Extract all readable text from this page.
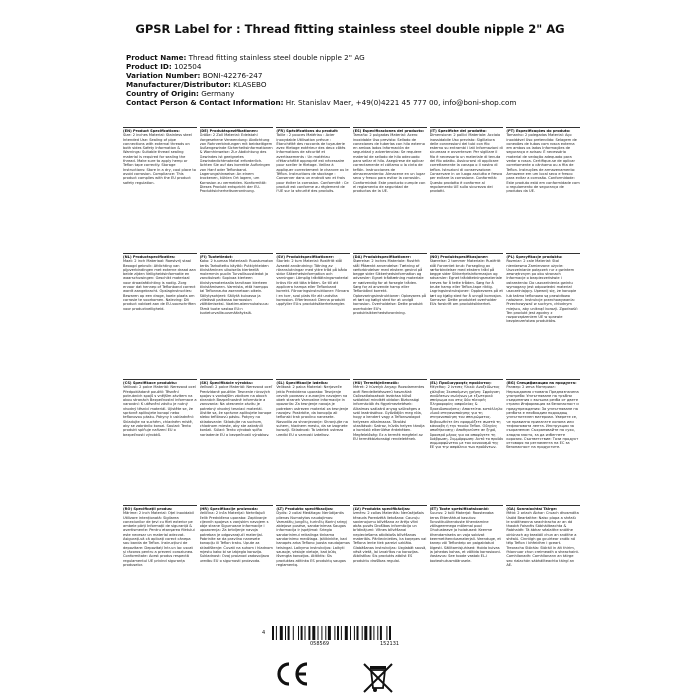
GPSR Label for : Thread fitting stainless steel double nipple 2" AG
Product Name: Thread fitting stainless steel double nipple 2" AG
Product ID: 102504
Variation Number: BONI-42276-247
Manufacturer/Distributor: KLASEBO
Country of Origin: Germany
Contact Person & Contact Information: Hr. Stanislav Maer, +49(0)4221 45 777 00, info@boni-shop.com
(EN) Product Specifications:
Size: 2 inches Material: Stainless steel Intended Use: Sealing of pipe connections with external threads on both sides Safety Information & Warnings: Suitable thread sealing material is required for sealing the thread. Make sure to apply hemp or Teflon tape correctly. Storage Instructions: Store in a dry, cool place to avoid corrosion. Compliance: This product complies with the EU product safety regulation.
(DE) Produktspezifikationen:
Größe: 2 Zoll Material: Edelstahl Vorgesehene Verwendung: Abdichtung von Rohrverbindungen mit beidseitigem Außengewinde Sicherheitsinformationen & Warnhinweise: Zur Abdichtung des Gewindes ist geeignetes Gewindedichtmaterial erforderlich. Achten Sie auf das korrekte Aufbringen von Hanf oder Teflonband. Lagerungshinweise: An einem trockenen, kühlen Ort lagern, um Korrosion zu vermeiden. Konformität: Dieses Produkt entspricht der EU-Produktsicherheitsverordnung.
(FR) Spécifications du produit:
Taille : 2 pouces Matériau : Acier inoxydable Utilisation prévue : Étanchéité des raccords de tuyauterie avec filetage extérieur des deux côtés Informations de sécurité et avertissements : Un matériau d'étanchéité approprié est nécessaire pour sceller le filetage. Veillez à appliquer correctement le chanvre ou le Téflon. Instructions de stockage : Conserver dans un endroit sec et frais pour éviter la corrosion. Conformité : Ce produit est conforme au règlement de l'UE sur la sécurité des produits.
(ES) Especificaciones del producto:
Tamaño: 2 pulgadas Material: Acero inoxidable Uso previsto: Sellado de conexiones de tuberías con hilo externo en ambos lados Información de seguridad y advertencias: Se requiere material de sellado de hilo adecuado para sellar el hilo. Asegúrese de aplicar correctamente el cáñamo o la cinta de teflón. Instrucciones de almacenamiento: Almacene en un lugar seco y fresco para evitar la corrosión. Conformidad: Este producto cumple con el reglamento de seguridad de productos de la UE.
(IT) Specifiche del prodotto:
Dimensione: 2 pollici Materiale: Acciaio inossidabile Uso previsto: Sigillatura delle connessioni dei tubi con filo esterno su entrambi i lati Informazioni di sicurezza e avvertenze: Per sigillare il filo è necessario un materiale di tenuta del filo adatto. Assicurarsi di applicare correttamente la canapa o il nastro di teflon. Istruzioni di conservazione: Conservare in un luogo asciutto e fresco per evitare la corrosione. Conformità: Questo prodotto è conforme al regolamento UE sulla sicurezza dei prodotti.
(PT) Especificações do produto:
Tamanho: 2 polegadas Material: Aço inoxidável Uso pretendido: Selagem de conexões de tubos com rosca externa em ambos os lados Informações de segurança e avisos: É necessário material de vedação adequado para vedar a rosca. Certifique-se de aplicar corretamente o cânhamo ou a fita de Teflon. Instruções de armazenamento: Armazene em um local seco e fresco para evitar a corrosão. Conformidade: Este produto está em conformidade com o regulamento de segurança de produtos da UE.
(NL) Productspecificaties:
Maat: 2 inch Materiaal: Roestvrij staal Beoogd gebruik: Afdichting van pijpverbindingen met externe draad aan beide zijden Veiligheidsinformatie en waarschuwingen: Geschikt materiaal voor draadafdichting is nodig. Zorg ervoor dat hennep of Teflonband correct wordt aangebracht. Opslaginstructies: Bewaren op een droge, koele plaats om corrosie te voorkomen. Naleving: Dit product voldoet aan de EU-voorschriften voor productveiligheid.
(FI) Tuotetiedot:
Koko: 2 tuumaa Materiaali: Ruostumaton teräs Tarkoitettu käyttö: Putkiyhteiden tiivistäminen ulkoisella kierteellä molemmin puolin Turvallisuustiedot ja varoitukset: Sopivaa kierteen tiivistysmateriaalia tarvitaan kierteen tiivistämiseen. Varmista, että hamppu tai Teflonnauha asennetaan oikein. Säilytysohjeet: Säilytä kuivassa ja viileässä paikassa korroosion välttämiseksi. Vaatimustenmukaisuus: Tämä tuote vastaa EU:n tuoteturvallisuusmääräyksiä.
(SV) Produktspecifikationer:
Storlek: 2 tum Material: Rostfritt stål Avsedd användning: Tätning av röranslutningar med yttre tråd på båda sidor Säkerhetsinformation och varningar: Lämplig trådtätningsmaterial krävs för att täta tråden. Se till att applicera hampa eller Teflonband korrekt. Förvaringsinstruktioner: Förvara i en torr, sval plats för att undvika korrosion. Efterlevnad: Denna produkt uppfyller EU:s produktsäkerhetsregler.
(DA) Produktspecifikationer:
Størrelse: 2 inches Materiale: Rustfrit stål Påtænkt anvendelse: Tætning af rørforbindelser med ekstern gevind på begge sider Sikkerhedsinformation og advarsler: Egnet trådtætning materiale er nødvendig for at forsegle tråden. Sørg for at anvende hamp eller Teflonbånd korrekt. Opbevaringsinstruktioner: Opbevares på et tørt og køligt sted for at undgå korrosion. Overholdelse: Dette produkt overholder EU's produktsikkerhedsforordning.
(NO) Produktspesifikasjoner:
Størrelse: 2 tommer Materiale: Rustfritt stål Forventet bruk: Forsegling av rørforbindelser med ekstern tråd på begge sider Sikkerhetsinformasjon og advarsler: Egnet tråddtetningsmateriale kreves for å tette tråden. Sørg for å bruke hamp eller Teflon-tape riktig. Lagringsinstruksjoner: Oppbevares på et tørt og kjølig sted for å unngå korrosjon. Samsvar: Dette produktet overholder EUs forskrift om produktsikkerhet.
(PL) Specyfikacje produktu:
Rozmiar: 2 cale Materiał: Stal nierdzewna Zamierzone użycie: Uszczelnianie połączeń rur z gwintem zewnętrznym po obu stronach Informacje o bezpieczeństwie i ostrzeżenia: Do uszczelnienia gwintu wymagany jest odpowiedni materiał uszczelniający. Upewnij się, że konopie lub taśma teflonowa są prawidłowo nałożone. Instrukcje przechowywania: Przechowywać w suchym, chłodnym miejscu, aby uniknąć korozji. Zgodność: Ten produkt jest zgodny z rozporządzeniem UE w sprawie bezpieczeństwa produktów.
(CS) Specifikace produktu:
Velikost: 2 palce Materiál: Nerezová ocel Předpokládané použití: Těsnění potrubních spojů s vnějším závitem na obou stranách Bezpečnostní informace a varování: K utěsnění závitu je nutný vhodný těsnicí materiál. Ujistěte se, že správně aplikujete konopí nebo teflonovou pásku. Pokyny k uskladnění: Skladujte na suchém, chladném místě, aby se zabránilo korozi. Soulad: Tento produkt splňuje nařízení EU o bezpečnosti výrobků.
(SK) Špecifikácie výrobku:
Veľkosť: 2 palce Materiál: Nerezová oceľ Predvídané použitie: Tesnenie rúrových spojov s vonkajším závitom na oboch stranách Bezpečnostné informácie a varovania: Na utesnenie závitu je potrebný vhodný tesniaci materiál. Uistite sa, že správne aplikujete konope alebo teflónovú pásku. Pokyny na skladovanie: Skladujte na suchom, chladnom mieste, aby ste zabránili korózii. Súlad: Tento výrobok spĺňa nariadenie EÚ o bezpečnosti výrobkov.
(SL) Specifikacije izdelka:
Velikost: 2 palca Material: Nerjaveče jeklo Predvidena uporaba: Tesnjenje cevnih povezav z zunanjim navojem na obeh straneh Varnostne informacije in opozorila: Za tesnjenje navoja je potreben ustrezen material za tesnjenje navojev. Poskrbite, da konopljo ali teflonski trak pravilno nanesete. Navodila za shranjevanje: Shranjujte na suhem, hladnem mestu, da se izognete koroziji. Skladnost: Ta izdelek ustreza uredbi EU o varnosti izdelkov.
(HU) Termékjellemzők:
Méret: 2 hüvelyk Anyag: Rozsdamentes acél Rendeltetésszerű használat: Csőcsatlakozások lezárása külső szálakkal mindkét oldalon Biztonsági információk és figyelmeztetések: Alkalmas szálzáró anyag szükséges a szál lezárásához. Győződjön meg róla, hogy a kendert vagy a Teflonszalagot helyesen alkalmazza. Tárolási utasítások: Száraz, hűvös helyen tárolja a korrózió elkerülése érdekében. Megfelelőség: Ez a termék megfelel az EU termékbiztonsági rendeletének.
(EL) Προδιαγραφές προϊόντος:
Μέγεθος: 2 ίντσες Υλικό: Ανοξείδωτος χάλυβας Σκοπούμενη χρήση: Σφράγιση συνδέσεων σωλήνων με εξωτερικό σπείρωμα και στις δύο πλευρές Πληροφορίες ασφαλείας & Προειδοποιήσεις: Απαιτείται κατάλληλο υλικό στεγανοποίησης για τη στεγανοποίηση του σπειρώματος. Βεβαιωθείτε ότι εφαρμόζετε σωστά τη κάνναβη ή την ταινία Teflon. Οδηγίες αποθήκευσης: Αποθηκεύστε σε ξηρό, δροσερό μέρος για να αποφύγετε τη διάβρωση. Συμμόρφωση: Αυτό το προϊόν συμμορφώνεται με τον κανονισμό της ΕΕ για την ασφάλεια των προϊόντων.
(BG) Спецификации на продукта:
Размер: 2 инча Материал: Неръждаема стомана Предназначена употреба: Уплътняване на тръбни съединения с външна резба от двете страни Информация за безопасност и предупреждения: За уплътняване на резбата е необходим подходящ уплътнителен материал. Уверете се, че правилно прилагате конопа или тефлоновата лента. Инструкции за съхранение: Съхранявайте на сухо, хладно място, за да избегнете корозия. Съответствие: Този продукт отговаря на регламента на ЕС за безопасност на продуктите.
(RO) Specificații produs:
Mărime: 2 inch Material: Oțel inoxidabil Utilizare intenționată: Sigilarea conexiunilor de țevi cu filet exterior pe ambele părți Informații de siguranță & avertismente: Pentru etanșarea filetului este necesar un material adecvat. Asigurați-vă că aplicați corect cânepa sau banda de Teflon. Instrucțiuni de depozitare: Depozitați într-un loc uscat și răcoros pentru a preveni coroziunea. Conformitate: Acest produs respectă regulamentul UE privind siguranța produselor.
(HR) Specifikacije proizvoda:
Veličina: 2 inča Materijal: Nehrđajući čelik Predviđena uporaba: Zaptivanje cijevnih spojeva s vanjskim navojem s obje strane Sigurnosne informacije i upozorenja: Za brtvljenje navoja potreban je odgovarajući materijal. Pobrinite se da pravilno nanesete konoplju ili Teflon traku. Upute za skladištenje: Čuvati na suhom i hladnom mjestu kako bi se izbjegla korozija. Sukladnost: Ovaj proizvod zadovoljava uredbu EU o sigurnosti proizvoda.
(LT) Produkto specifikacijos:
Dydis: 2 coliai Medžiaga: Nerūdijantis plienas Numatytas naudojimas: Vamzdžių jungčių, turinčių išorinį sriegį abiejose pusėse, sandarinimas Saugos informacija ir įspėjimai: Sriegio sandarinimui reikalinga tinkama sandarinimo medžiaga. Įsitikinkite, kad kanapės arba Teflono juosta naudojamos teisingai. Laikymo instrukcijos: Laikyti sausoje, vėsioje vietoje, kad būtų išvengta korozijos. Atitiktis: Šis produktas atitinka ES produktų saugos reglamentą.
(LV) Produkta specifikācijas:
Izmērs: 2 collas Materiāls: Nerūsējošais tērauds Paredzētā lietošana: Cauruļu savienojumu blīvēšana ar ārējo vītni abās pusēs Drošības informācija un brīdinājumi: Vītnes blīvēšanai nepieciešams atbilstošs blīvēšanas materiāls. Pārliecinieties, ka kaņepes vai Teflona lente tiek pareizi uzklāta. Glabāšanas instrukcijas: Uzglabāt sausā, vēsā vietā, lai izvairītos no korozijas. Atbilstība: Šis produkts atbilst ES produktu drošības regulai.
(ET) Toote spetsifikatsioonid:
Suurus: 2 tolli Materjal: Roostevaba teras Ettenähtud kasutus: Torustikuühenduste tihendamine välisgeermega mõlemal pool Ohutusteave ja hoiatused: Keerme tihendamiseks on vaja sobivat keermetihendusmaterjali. Veenduge, et kanep või Teflonteip on paigaldatud õigesti. Säilitamisjuhised: Hoida kuivas ja jahedas kohas, et vältida korrosiooni. Vastavus: See toode vastab EL-i tooteohutusmäärusele.
(GA) Sonraíochtaí Táirge:
Méid: 2 orlach Ábhar: Cruach dhosmálta Úsáid Beartaithe: Naisc píopa a shéalú le snáitheanna seachtracha ar an dá thaobh Faisnéis Sábháilteachta & Rabhaidh: Tá ábhar séalaithe snáithe oiriúnach ag teastáil chun an snáithe a shéalú. Cinntigh go gcuirtear cnáib nó téip Teflon i bhfeidhm i gceart. Treoracha Stórála: Stóráil in áit thirim, fhionnuar chun creimeadh a sheachaint. Comhlíonadh: Comhlíonann an táirge seo rialachán sábháilteachta táirgí an AE.
4
058569	152131
